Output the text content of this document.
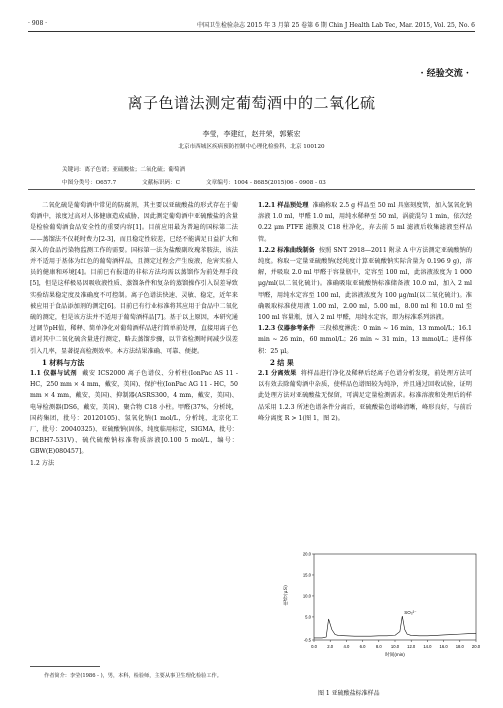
· 908 ·	中国卫生检验杂志 2015 年 3 月第 25 卷第 6 期 Chin J Health Lab Tec, Mar. 2015, Vol. 25, No. 6
· 经验交流 ·
离子色谱法测定葡萄酒中的二氧化硫
李莹，李建红，赵井荣，郭紫宏
北京市西城区疾病预防控制中心理化检验科，北京 100120
关键词：离子色谱；亚硫酸盐；二氧化硫；葡萄酒
中图分类号：O657.7	文献标识码：C	文章编号：1004 - 8685(2015)06 - 0908 - 03

二氧化硫是葡萄酒中常见的防腐剂，其主要以亚硫酸盐的形式存在于葡萄酒中，浓度过高对人体健康造成威胁，因此测定葡萄酒中亚硫酸盐的含量是检验葡萄酒食品安全性的重要内容[1]。目前应用最为普遍的国标第二法——蒸馏法不仅耗时费力[2-3]，而且稳定性较差，已经不能满足日益扩大和深入的食品污染物监测工作的需要。国标第一法为盐酸副玫瑰苯胺法，该法并不适用于基体为红色的葡萄酒样品，且测定过程会产生废液，危害实验人员的健康和环境[4]。目前已有报道的非标方法均需以蒸馏作为前处理手段[5]，但是这样极易因吸收液性质、蒸馏条件和复杂的蒸馏操作引入误差导致实验结果稳定度及准确度不可控制。离子色谱法快速、灵敏、稳定，近年来被应用于食品添加剂的测定[6]。目前已有行业标准将其应用于食品中二氧化硫的测定，但是该方法并不适用于葡萄酒样品[7]。基于以上原因，本研究通过调节pH值，稀释、简单净化对葡萄酒样品进行简单前处理，直接用离子色谱对其中二氧化硫含量进行测定，略去蒸馏步骤，以节省检测时间减少误差引入几率，显著提高检测效率。本方法结果准确、可靠、便捷。

1 材料与方法

1.1 仪器与试剂 戴安 ICS2000 离子色谱仪、分析柱(IonPac AS 11 - HC，250 mm × 4 mm，戴安，美国)、保护柱(IonPac AG 11 - HC，50 mm × 4 mm，戴安，美国)、抑制器(ASRS300，4 mm，戴安，美国)、电导检测器(DS6，戴安，美国)、聚合物 C18 小柱。甲醛(37%，分析纯，国药集团，批号：20120105)、氢氧化钠(1 mol/L，分析纯，北京化工厂，批号：20040325)、亚硫酸钠(固体，纯度临用标定，SIGMA，批号：BCBH7-531V)、硫代硫酸钠标准物质溶液[0.100 5 mol/L，编号：GBW(E)080457]。

1.2 方法

1.2.1 样品预处理 准确称取 2.5 g 样品至 50 ml 具塞刻度管，加入氢氧化钠溶液 1.0 ml，甲醛 1.0 ml，用纯水稀释至 50 ml，涡旋混匀 1 min，依次经 0.22 μm PTFE 滤膜及 C18 柱净化，弃去前 5 ml 滤液后收集滤液至样品管。

1.2.2 标准曲线制备 按照 SNT 2918—2011 附录 A 中方法测定亚硫酸钠的纯度。称取一定量亚硫酸钠(经纯度计算亚硫酸钠实际含量为 0.196 9 g)，溶解，并吸取 2.0 ml 甲醛于容量瓶中，定容至 100 ml，此溶液浓度为 1 000 μg/ml(以二氧化硫计)。准确吸取亚硫酸钠标准储备液 10.0 ml，加入 2 ml 甲醛，用纯水定容至 100 ml，此溶液浓度为 100 μg/ml(以二氧化硫计)。准确吸取标准使用液 1.00 ml，2.00 ml，5.00 ml，8.00 ml 和 10.0 ml 至 100 ml 容量瓶，加入 2 ml 甲醛，用纯水定容，即为标准系列溶液。

1.2.3 仪器参考条件 三段梯度淋洗：0 min ~ 16 min，13 mmol/L；16.1 min ~ 26 min，60 mmol/L；26 min ~ 31 min，13 mmol/L；进样体积：25 μl。

2 结 果

2.1 分离效果 将样品进行净化及稀释后经离子色谱分析发现，前处理方法可以有效去除葡萄酒中杂质，使样品色谱图较为纯净，并且通过回收试验，证明此处理方法对亚硫酸盐无保留，可满足定量检测需求。标准溶液和处理后的样品采用 1.2.3 所述色谱条件分离后，亚硫酸盐色谱峰清晰，峰形良好，与前后峰分离度 R > 1(图 1，图 2)。

电导(μS)
0.0 2.0 4.0 6.0 8.0 10.0 12.0 14.0 16.0 18.0 20.0
-0.5
5.0
10.0
15.0
20.0
SO₃²⁻
时间(min)
图 1 亚硫酸盐标准样品
作者简介：李莹(1986 - )，男，本科，检验师，主要从事卫生理化检验工作。
